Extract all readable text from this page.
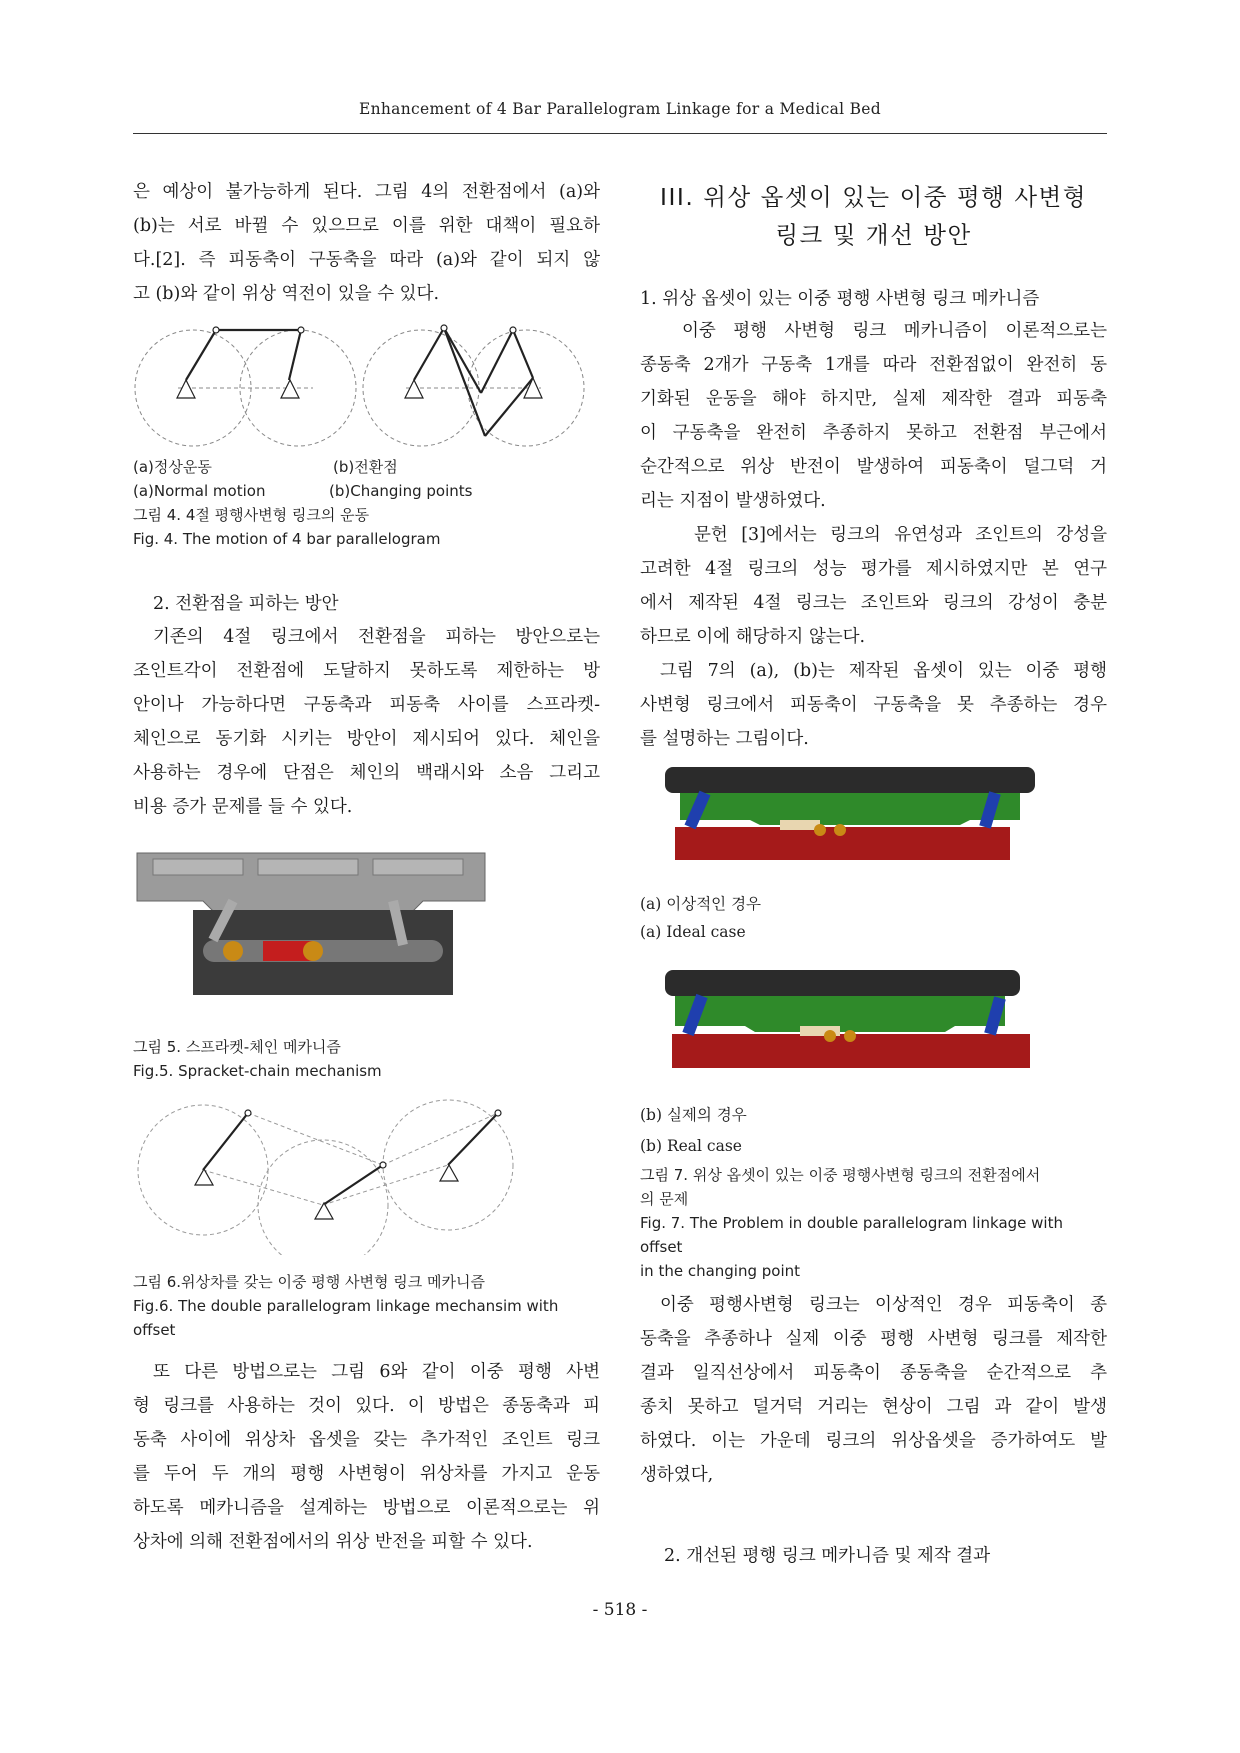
Enhancement of 4 Bar Parallelogram Linkage for a Medical Bed

은 예상이 불가능하게 된다. 그림 4의 전환점에서 (a)와

(b)는 서로 바뀔 수 있으므로 이를 위한 대책이 필요하

다.[2]. 즉 피동축이 구동축을 따라 (a)와 같이 되지 않

고 (b)와 같이 위상 역전이 있을 수 있다.

(a)정상운동	(b)전환점

(a)Normal motion	(b)Changing points

그림 4. 4절 평행사변형 링크의 운동

Fig. 4. The motion of 4 bar parallelogram

2. 전환점을 피하는 방안

기존의 4절 링크에서 전환점을 피하는 방안으로는

조인트각이 전환점에 도달하지 못하도록 제한하는 방

안이나 가능하다면 구동축과 피동축 사이를 스프라켓-

체인으로 동기화 시키는 방안이 제시되어 있다. 체인을

사용하는 경우에 단점은 체인의 백래시와 소음 그리고

비용 증가 문제를 들 수 있다.

그림 5. 스프라켓-체인 메카니즘

Fig.5. Spracket-chain mechanism

그림 6.위상차를 갖는 이중 평행 사변형 링크 메카니즘

Fig.6. The double parallelogram linkage mechansim with offset

또 다른 방법으로는 그림 6와 같이 이중 평행 사변

형 링크를 사용하는 것이 있다. 이 방법은 종동축과 피

동축 사이에 위상차 옵셋을 갖는 추가적인 조인트 링크

를 두어 두 개의 평행 사변형이 위상차를 가지고 운동

하도록 메카니즘을 설계하는 방법으로 이론적으로는 위

상차에 의해 전환점에서의 위상 반전을 피할 수 있다.

III. 위상 옵셋이 있는 이중 평행 사변형
링크 및 개선 방안

1. 위상 옵셋이 있는 이중 평행 사변형 링크 메카니즘

이중 평행 사변형 링크 메카니즘이 이론적으로는

종동축 2개가 구동축 1개를 따라 전환점없이 완전히 동

기화된 운동을 해야 하지만, 실제 제작한 결과 피동축

이 구동축을 완전히 추종하지 못하고 전환점 부근에서

순간적으로 위상 반전이 발생하여 피동축이 덜그덕 거

리는 지점이 발생하였다.

문헌 [3]에서는 링크의 유연성과 조인트의 강성을

고려한 4절 링크의 성능 평가를 제시하였지만 본 연구

에서 제작된 4절 링크는 조인트와 링크의 강성이 충분

하므로 이에 해당하지 않는다.

그림 7의 (a), (b)는 제작된 옵셋이 있는 이중 평행

사변형 링크에서 피동축이 구동축을 못 추종하는 경우

를 설명하는 그림이다.

(a) 이상적인 경우

(a) Ideal case

(b) 실제의 경우

(b) Real case

그림 7. 위상 옵셋이 있는 이중 평행사변형 링크의 전환점에서

의 문제

Fig. 7. The Problem in double parallelogram linkage with offset

in the changing point

이중 평행사변형 링크는 이상적인 경우 피동축이 종

동축을 추종하나 실제 이중 평행 사변형 링크를 제작한

결과 일직선상에서 피동축이 종동축을 순간적으로 추

종치 못하고 덜거덕 거리는 현상이 그림 과 같이 발생

하였다. 이는 가운데 링크의 위상옵셋을 증가하여도 발

생하였다,

2. 개선된 평행 링크 메카니즘 및 제작 결과

- 518 -
